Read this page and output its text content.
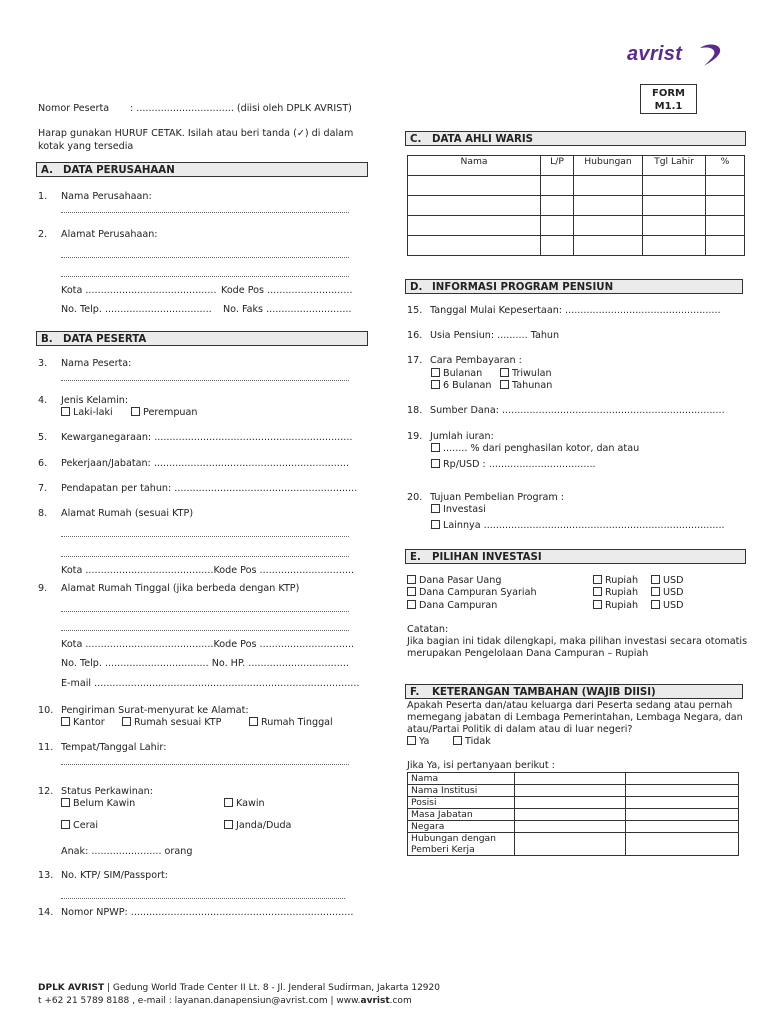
avrist
FORM
M1.1
Nomor Peserta : ................................ (diisi oleh DPLK AVRIST)
Harap gunakan HURUF CETAK. Isilah atau beri tanda (✓) di dalam
kotak yang tersedia
A. DATA PERUSAHAAN
1. Nama Perusahaan:
2. Alamat Perusahaan:
Kota ........................................... Kode Pos ............................
No. Telp. ................................... No. Faks ............................
B. DATA PESERTA
3. Nama Peserta:
4. Jenis Kelamin:
Laki-laki	Perempuan
5. Kewarganegaraan: .................................................................
6. Pekerjaan/Jabatan: ................................................................
7. Pendapatan per tahun: ............................................................
8. Alamat Rumah (sesuai KTP)
Kota ..........................................Kode Pos ...............................
9. Alamat Rumah Tinggal (jika berbeda dengan KTP)
Kota ..........................................Kode Pos ...............................
No. Telp. .................................. No. HP. .................................
E-mail .......................................................................................
10. Pengiriman Surat-menyurat ke Alamat:
Kantor	Rumah sesuai KTP	Rumah Tinggal
11. Tempat/Tanggal Lahir:
12. Status Perkawinan:
Belum Kawin	Kawin
Cerai	Janda/Duda
Anak: ....................... orang
13. No. KTP/ SIM/Passport:
14. Nomor NPWP: .........................................................................
C. DATA AHLI WARIS
Nama	L/P	Hubungan	Tgl Lahir	%

D. INFORMASI PROGRAM PENSIUN
15. Tanggal Mulai Kepesertaan: ...................................................
16. Usia Pensiun: .......... Tahun
17. Cara Pembayaran :
Bulanan	Triwulan
6 Bulanan	Tahunan
18. Sumber Dana: .........................................................................
19. Jumlah iuran:
........ % dari penghasilan kotor, dan atau
Rp/USD : ...................................
20. Tujuan Pembelian Program :
Investasi
Lainnya ...............................................................................
E. PILIHAN INVESTASI
Dana Pasar Uang	Rupiah	USD
Dana Campuran Syariah	Rupiah	USD
Dana Campuran	Rupiah	USD
Catatan:
Jika bagian ini tidak dilengkapi, maka pilihan investasi secara otomatis
merupakan Pengelolaan Dana Campuran – Rupiah
F. KETERANGAN TAMBAHAN (WAJIB DIISI)
Apakah Peserta dan/atau keluarga dari Peserta sedang atau pernah
memegang jabatan di Lembaga Pemerintahan, Lembaga Negara, dan
atau/Partai Politik di dalam atau di luar negeri?
Ya	Tidak
Jika Ya, isi pertanyaan berikut :
Nama		
Nama Institusi		
Posisi		
Masa Jabatan		
Negara		
Hubungan dengan
Pemberi Kerja		
DPLK AVRIST | Gedung World Trade Center II Lt. 8 - Jl. Jenderal Sudirman, Jakarta 12920
t +62 21 5789 8188 , e-mail : layanan.danapensiun@avrist.com | www.avrist.com
